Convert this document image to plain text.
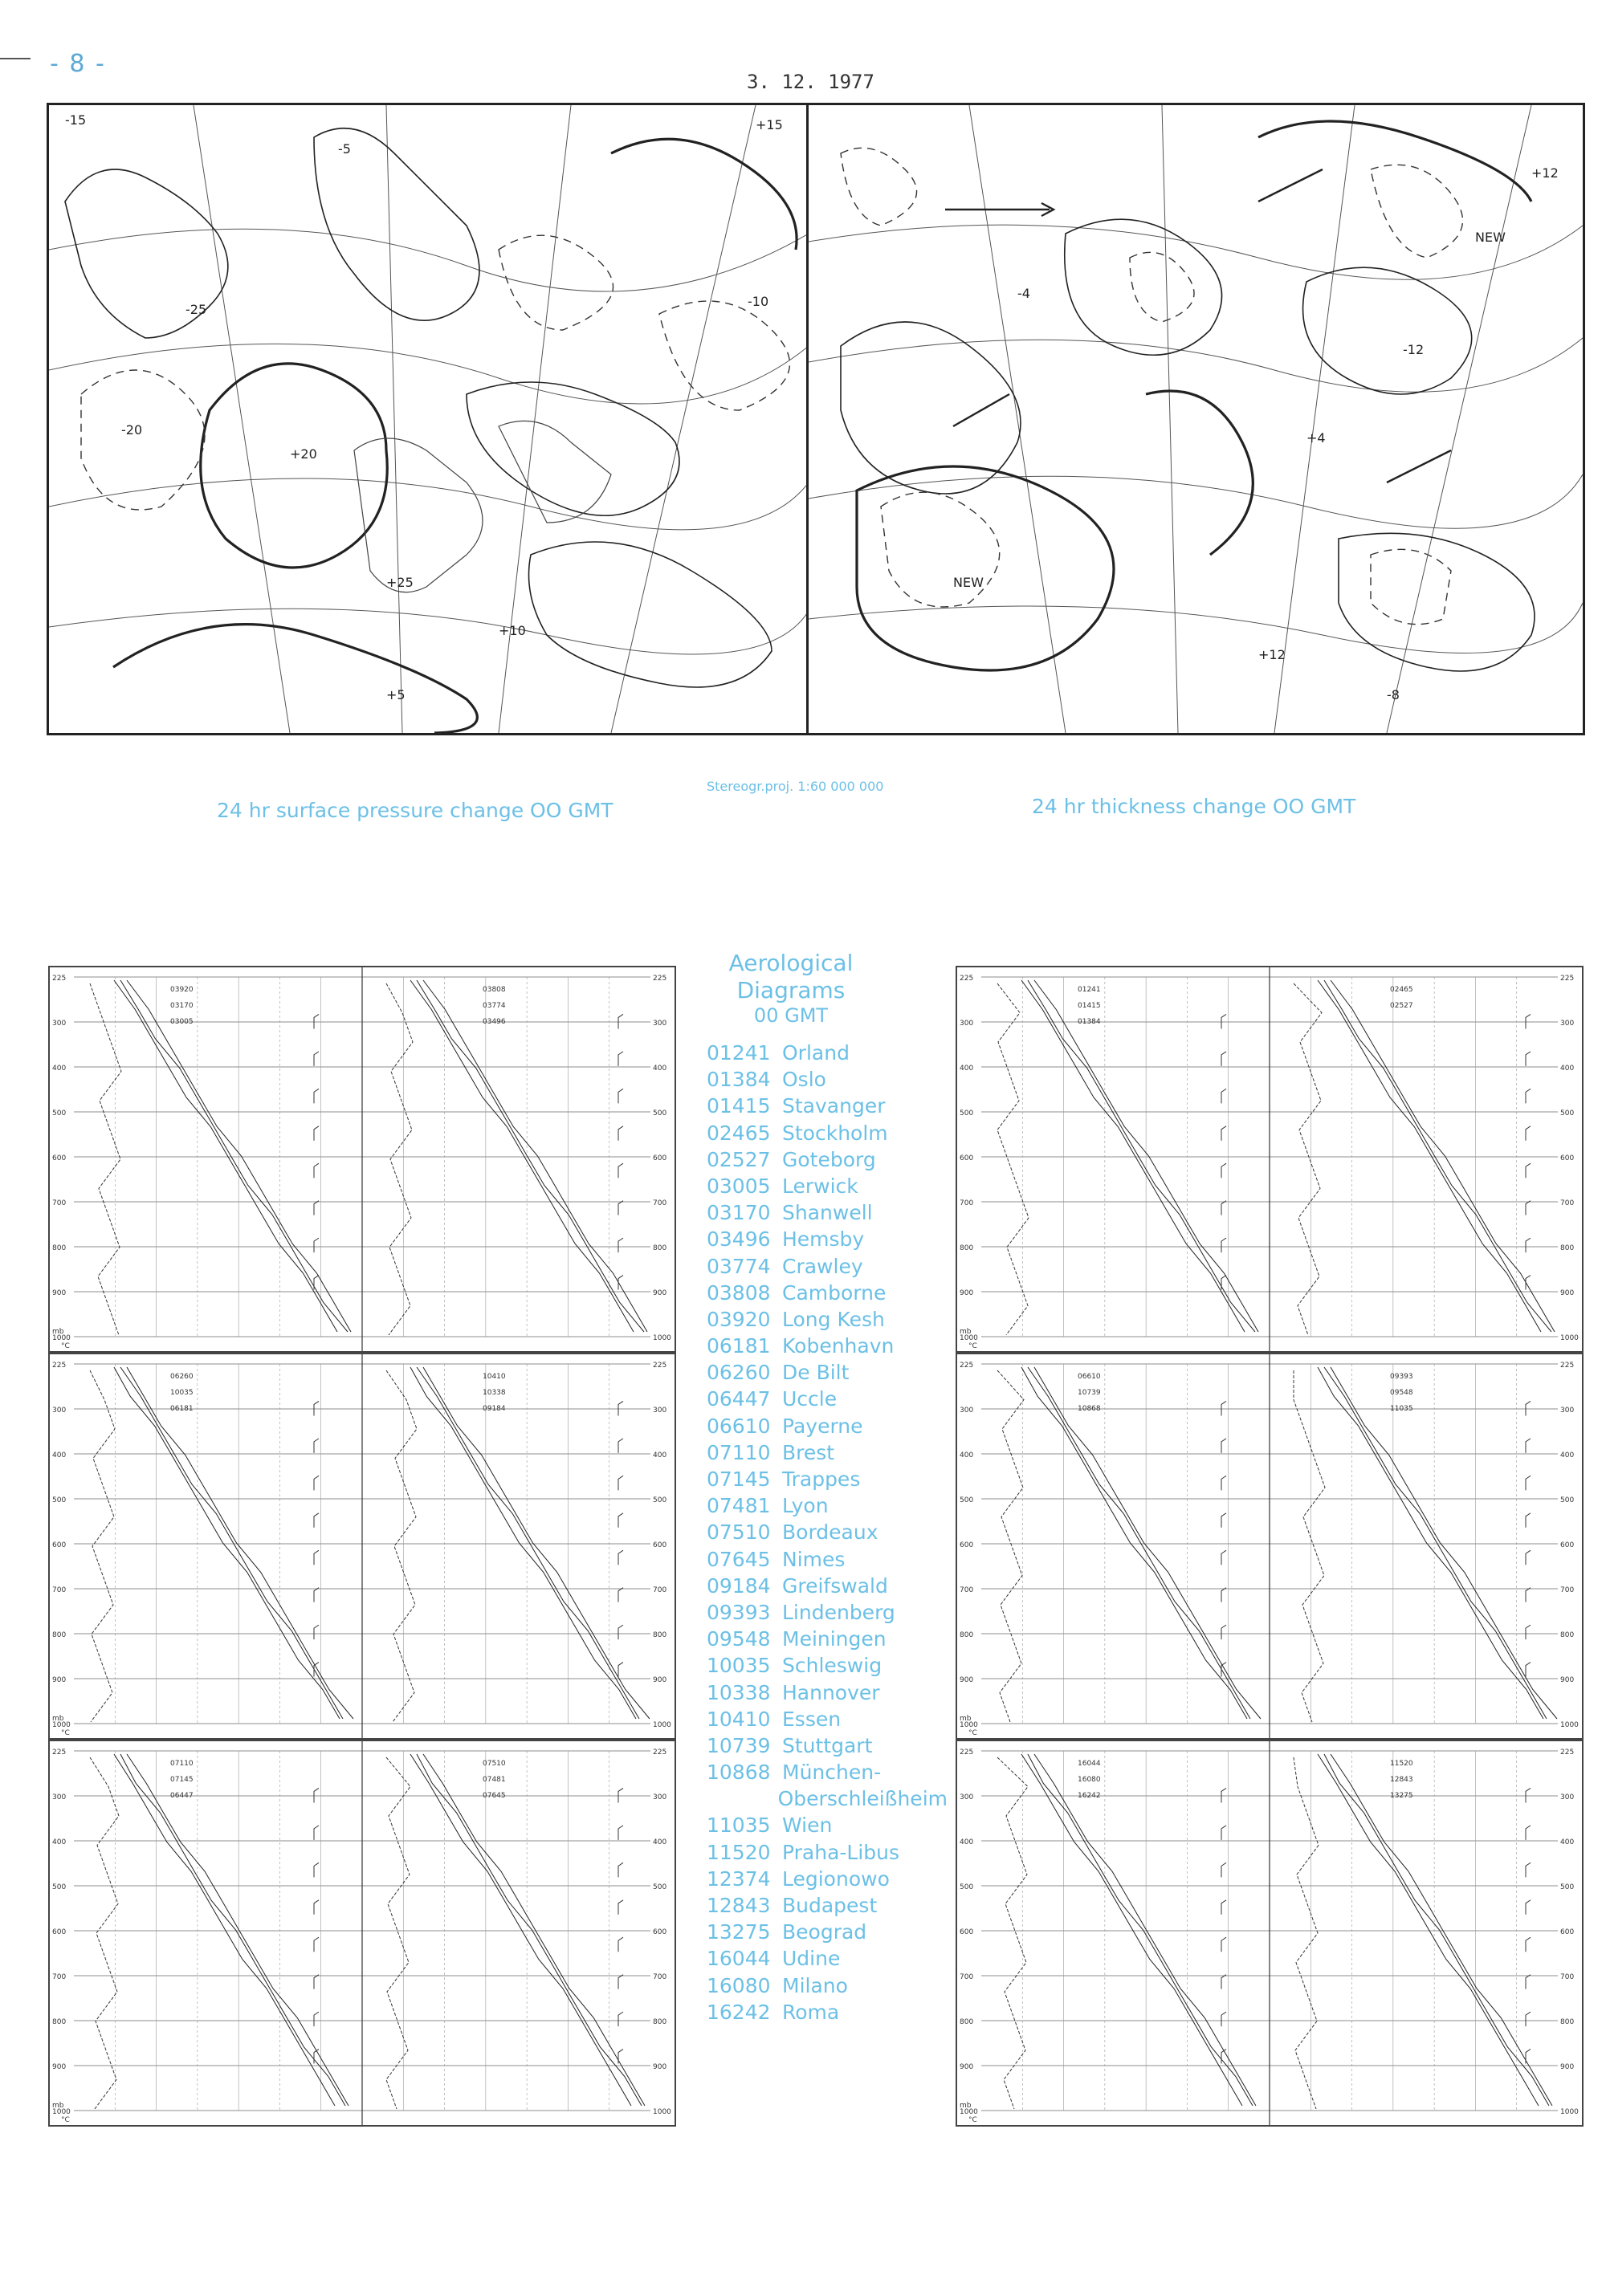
- 8 -
3. 12. 1977
-15	+15
-5
+5
-10
+10
-20
+20
-25
+25
+12
NEW
-12
+4
-4
+12
NEW
-8
24 hr surface pressure change OO GMT
Stereogr.proj. 1:60 000 000
24 hr thickness change OO GMT
225	225
300	300
400	400
500	500
600	600
700	700
800	800
900	900
1000	1000
03920
03170
03005
03808
03774
03496
mb
°C
225	225
300	300
400	400
500	500
600	600
700	700
800	800
900	900
1000	1000
06260
10035
06181
10410
10338
09184
mb
°C
225	225
300	300
400	400
500	500
600	600
700	700
800	800
900	900
1000	1000
07110
07145
06447
07510
07481
07645
mb
°C
225	225
300	300
400	400
500	500
600	600
700	700
800	800
900	900
1000	1000
01241
01415
01384
02465
02527
mb
°C
225	225
300	300
400	400
500	500
600	600
700	700
800	800
900	900
1000	1000
06610
10739
10868
09393
09548
11035
mb
°C
225	225
300	300
400	400
500	500
600	600
700	700
800	800
900	900
1000	1000
16044
16080
16242
11520
12843
13275
mb
°C
Aerological
Diagrams
00 GMT
01241 Orland
01384 Oslo
01415 Stavanger
02465 Stockholm
02527 Goteborg
03005 Lerwick
03170 Shanwell
03496 Hemsby
03774 Crawley
03808 Camborne
03920 Long Kesh
06181 Kobenhavn
06260 De Bilt
06447 Uccle
06610 Payerne
07110 Brest
07145 Trappes
07481 Lyon
07510 Bordeaux
07645 Nimes
09184 Greifswald
09393 Lindenberg
09548 Meiningen
10035 Schleswig
10338 Hannover
10410 Essen
10739 Stuttgart
10868 München-
Oberschleißheim
11035 Wien
11520 Praha-Libus
12374 Legionowo
12843 Budapest
13275 Beograd
16044 Udine
16080 Milano
16242 Roma
